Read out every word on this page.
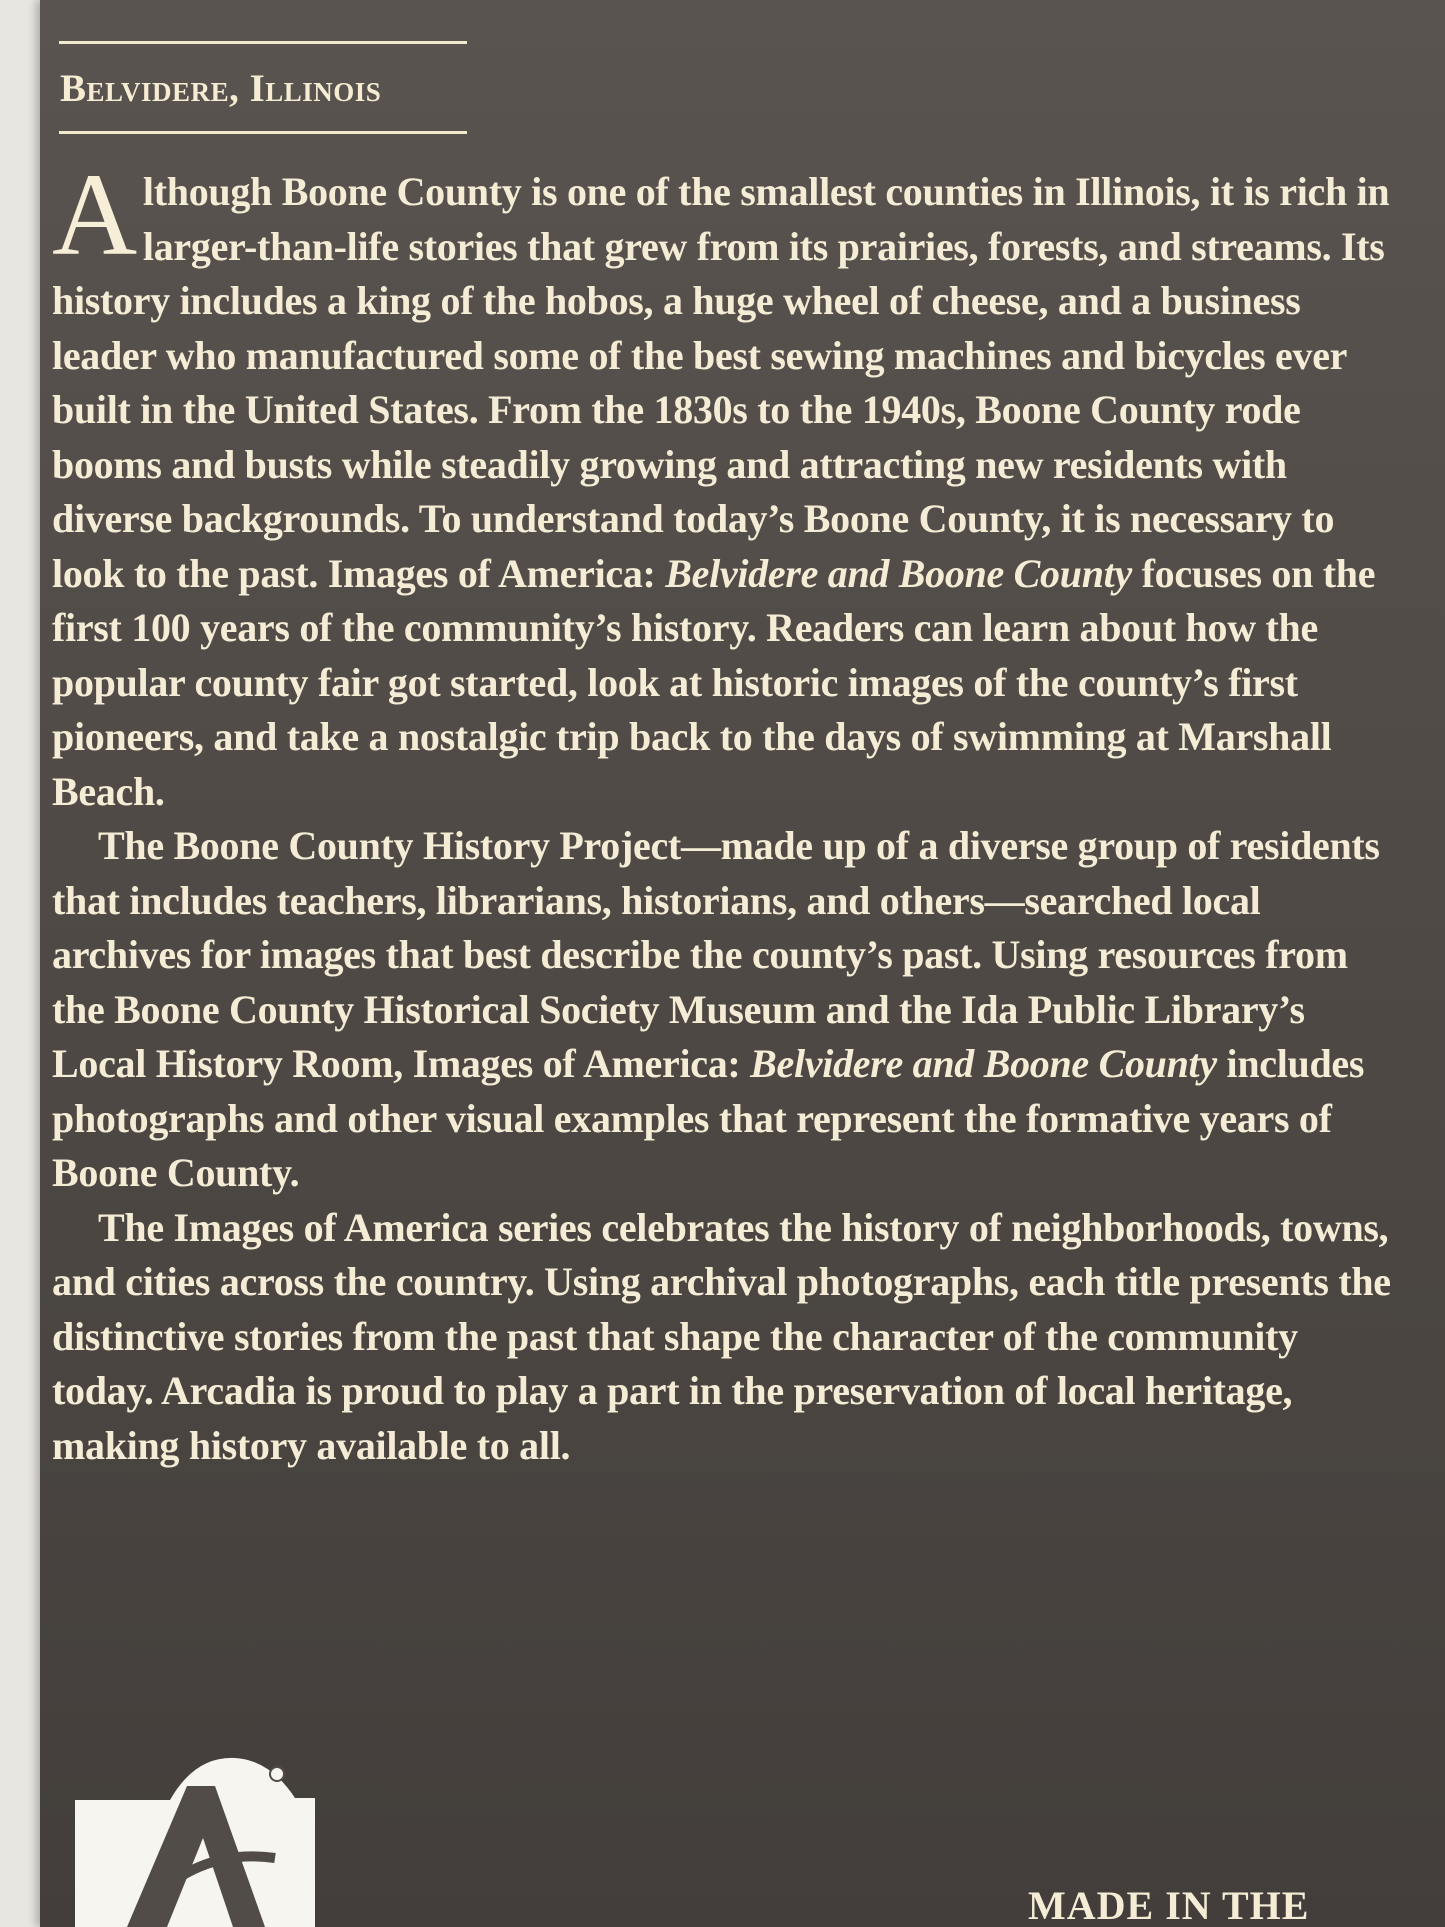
Belvidere, Illinois

Although Boone County is one of the smallest counties in Illinois, it is rich in larger-than-life stories that grew from its prairies, forests, and streams. Its history includes a king of the hobos, a huge wheel of cheese, and a business leader who manufactured some of the best sewing machines and bicycles ever built in the United States. From the 1830s to the 1940s, Boone County rode booms and busts while steadily growing and attracting new residents with diverse backgrounds. To understand today’s Boone County, it is necessary to look to the past. Images of America: Belvidere and Boone County focuses on the first 100 years of the community’s history. Readers can learn about how the popular county fair got started, look at historic images of the county’s first pioneers, and take a nostalgic trip back to the days of swimming at Marshall Beach.

The Boone County History Project—made up of a diverse group of residents that includes teachers, librarians, historians, and others—searched local archives for images that best describe the county’s past. Using resources from the Boone County Historical Society Museum and the Ida Public Library’s Local History Room, Images of America: Belvidere and Boone County includes photographs and other visual examples that represent the formative years of Boone County.

The Images of America series celebrates the history of neighborhoods, towns, and cities across the country. Using archival photographs, each title presents the distinctive stories from the past that shape the character of the community today. Arcadia is proud to play a part in the preservation of local heritage, making history available to all.

MADE IN THE
